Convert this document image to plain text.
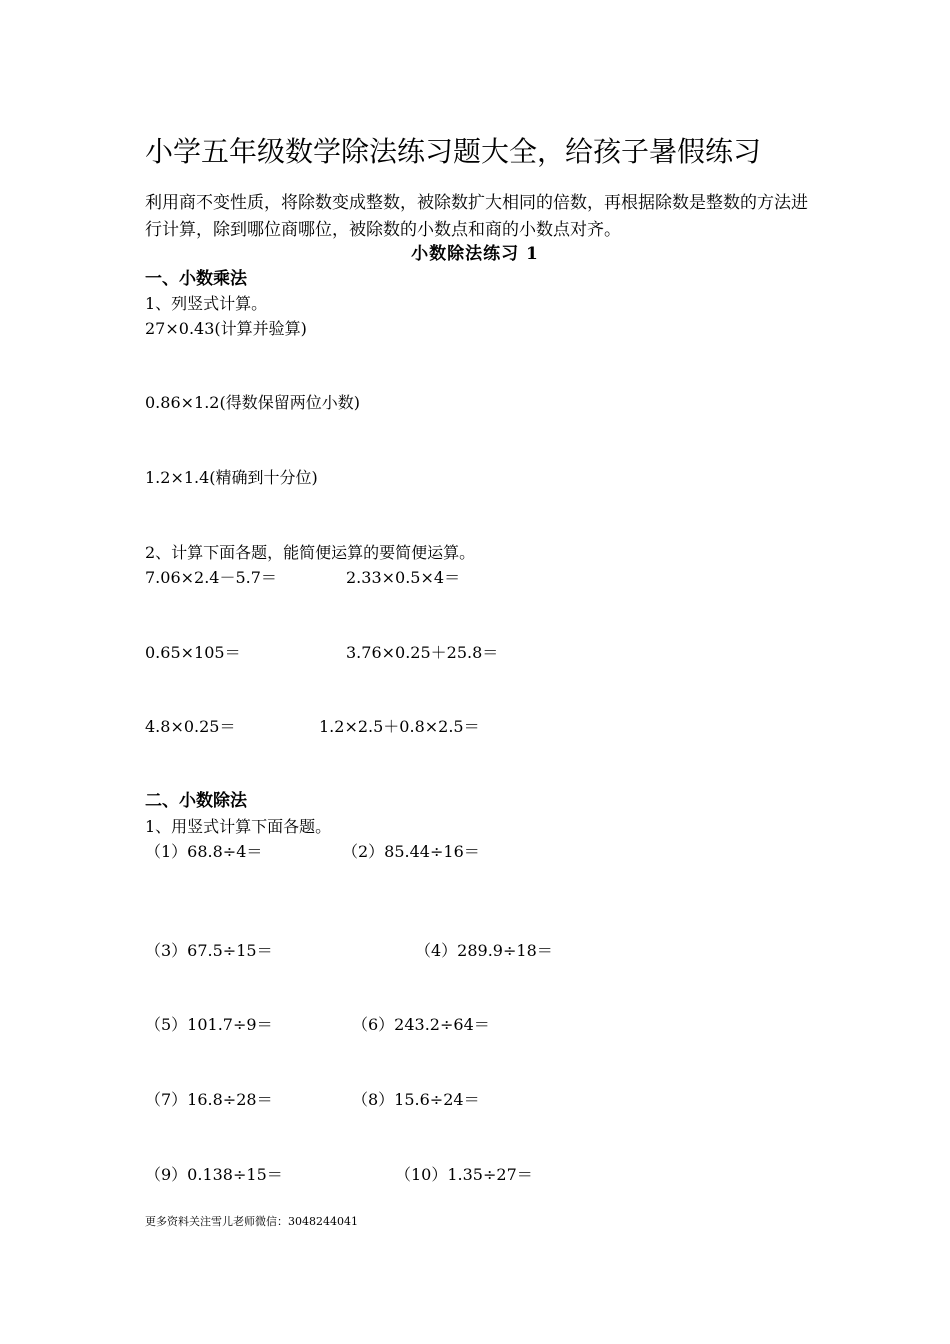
小学五年级数学除法练习题大全，给孩子暑假练习
利用商不变性质，将除数变成整数，被除数扩大相同的倍数，再根据除数是整数的方法进行计算，除到哪位商哪位，被除数的小数点和商的小数点对齐。
小数除法练习 1
一、小数乘法
1、列竖式计算。
27×0.43(计算并验算)
0.86×1.2(得数保留两位小数)
1.2×1.4(精确到十分位)
2、计算下面各题，能简便运算的要简便运算。
7.06×2.4－5.7＝	2.33×0.5×4＝
0.65×105＝	3.76×0.25＋25.8＝
4.8×0.25＝	1.2×2.5＋0.8×2.5＝
二、小数除法
1、用竖式计算下面各题。
（1）68.8÷4＝	（2）85.44÷16＝
（3）67.5÷15＝	（4）289.9÷18＝
（5）101.7÷9＝	（6）243.2÷64＝
（7）16.8÷28＝	（8）15.6÷24＝
（9）0.138÷15＝	（10）1.35÷27＝
更多资料关注雪儿老师微信：3048244041
